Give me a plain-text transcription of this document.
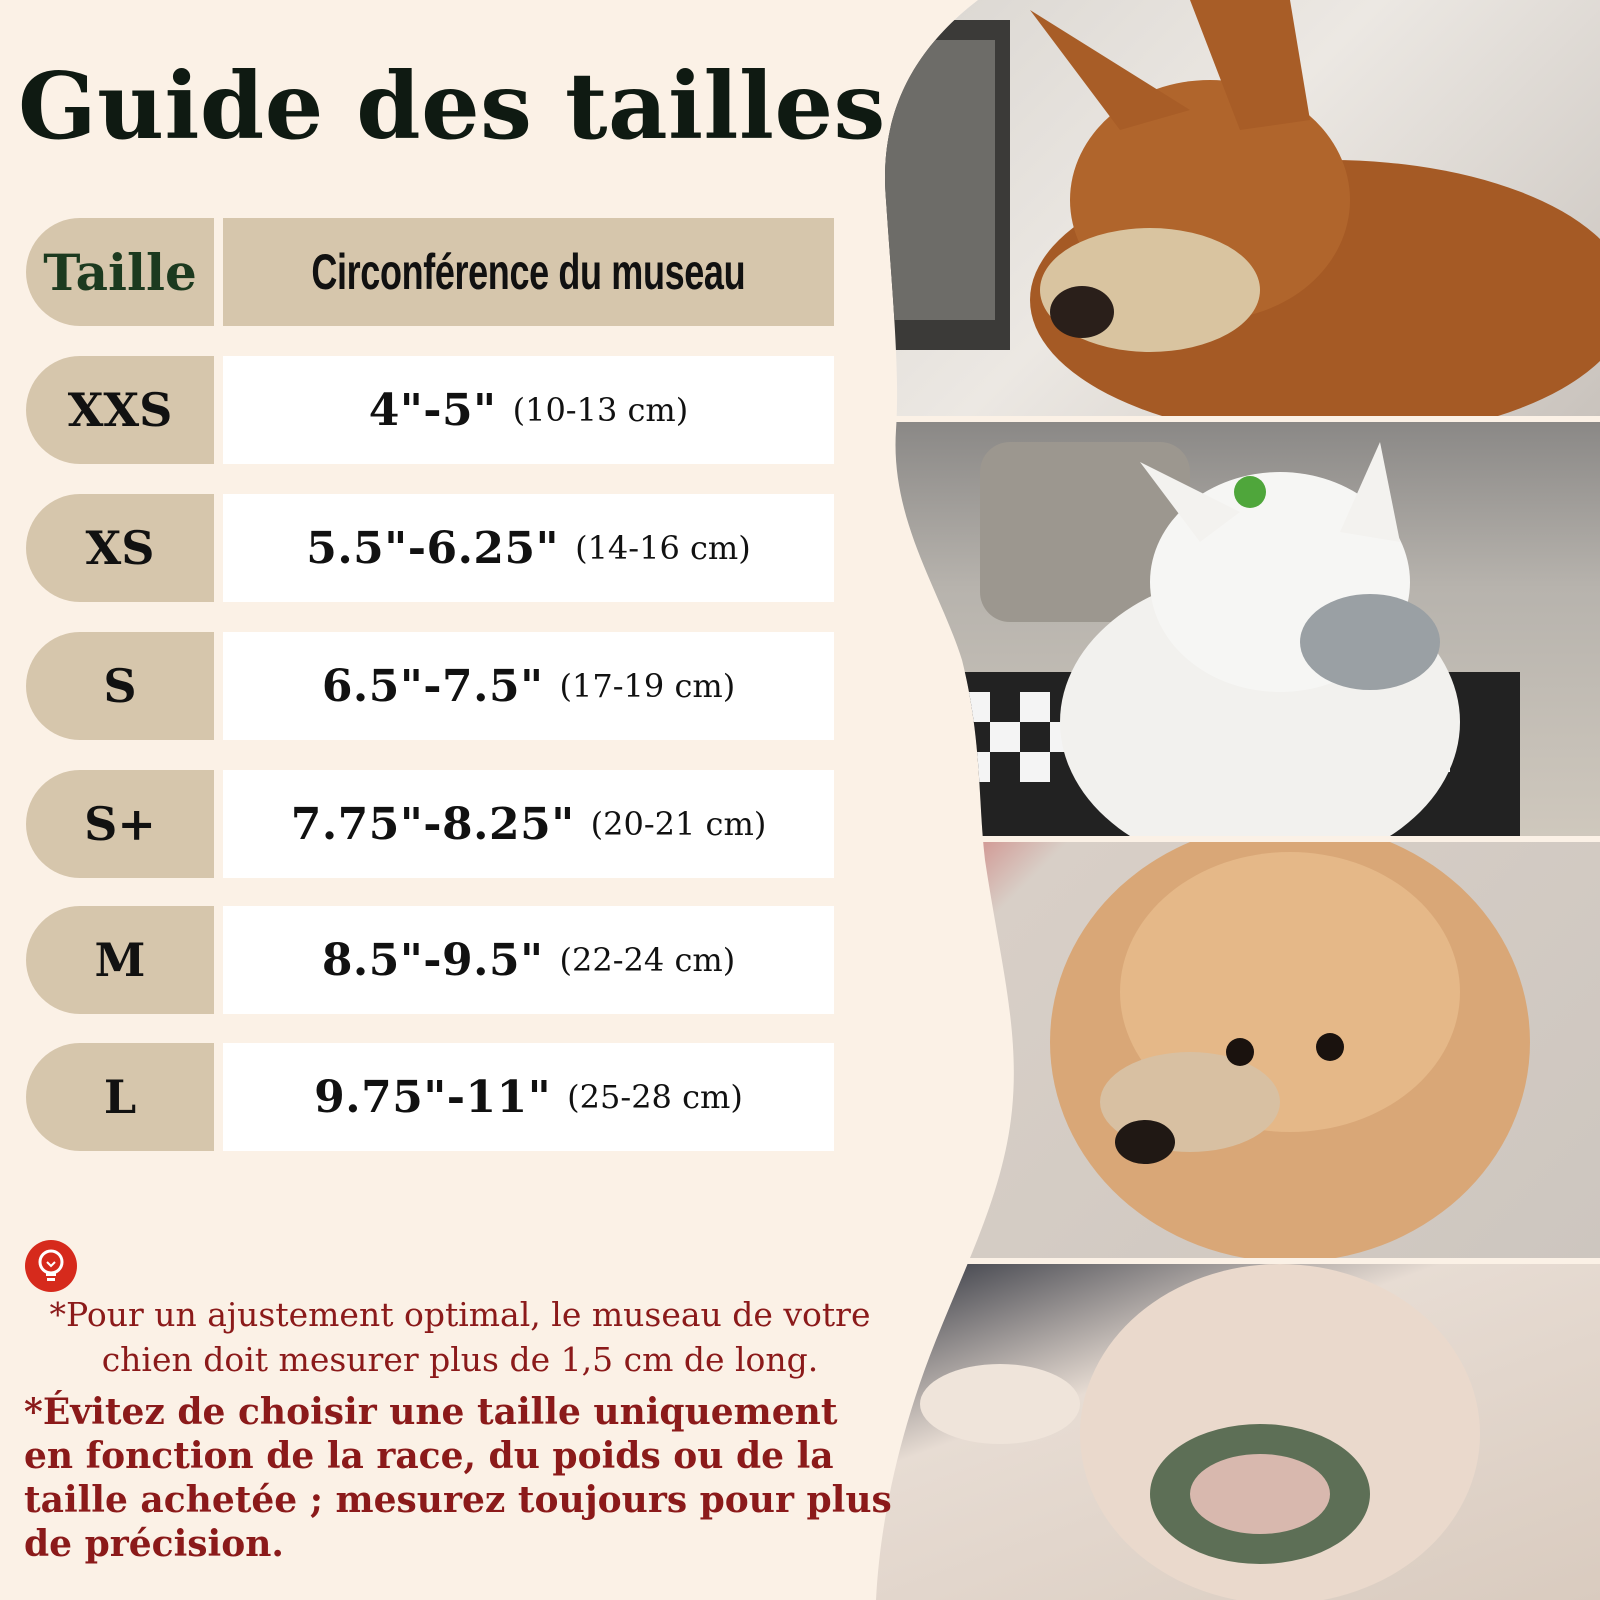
Guide des tailles
Taille	Circonférence du museau
XXS	4"-5" (10-13 cm)
XS	5.5"-6.25" (14-16 cm)
S	6.5"-7.5" (17-19 cm)
S+	7.75"-8.25" (20-21 cm)
M	8.5"-9.5" (22-24 cm)
L	9.75"-11" (25-28 cm)

*Pour un ajustement optimal, le museau de votre chien doit mesurer plus de 1,5 cm de long.

*Évitez de choisir une taille uniquement en fonction de la race, du poids ou de la taille achetée ; mesurez toujours pour plus de précision.
